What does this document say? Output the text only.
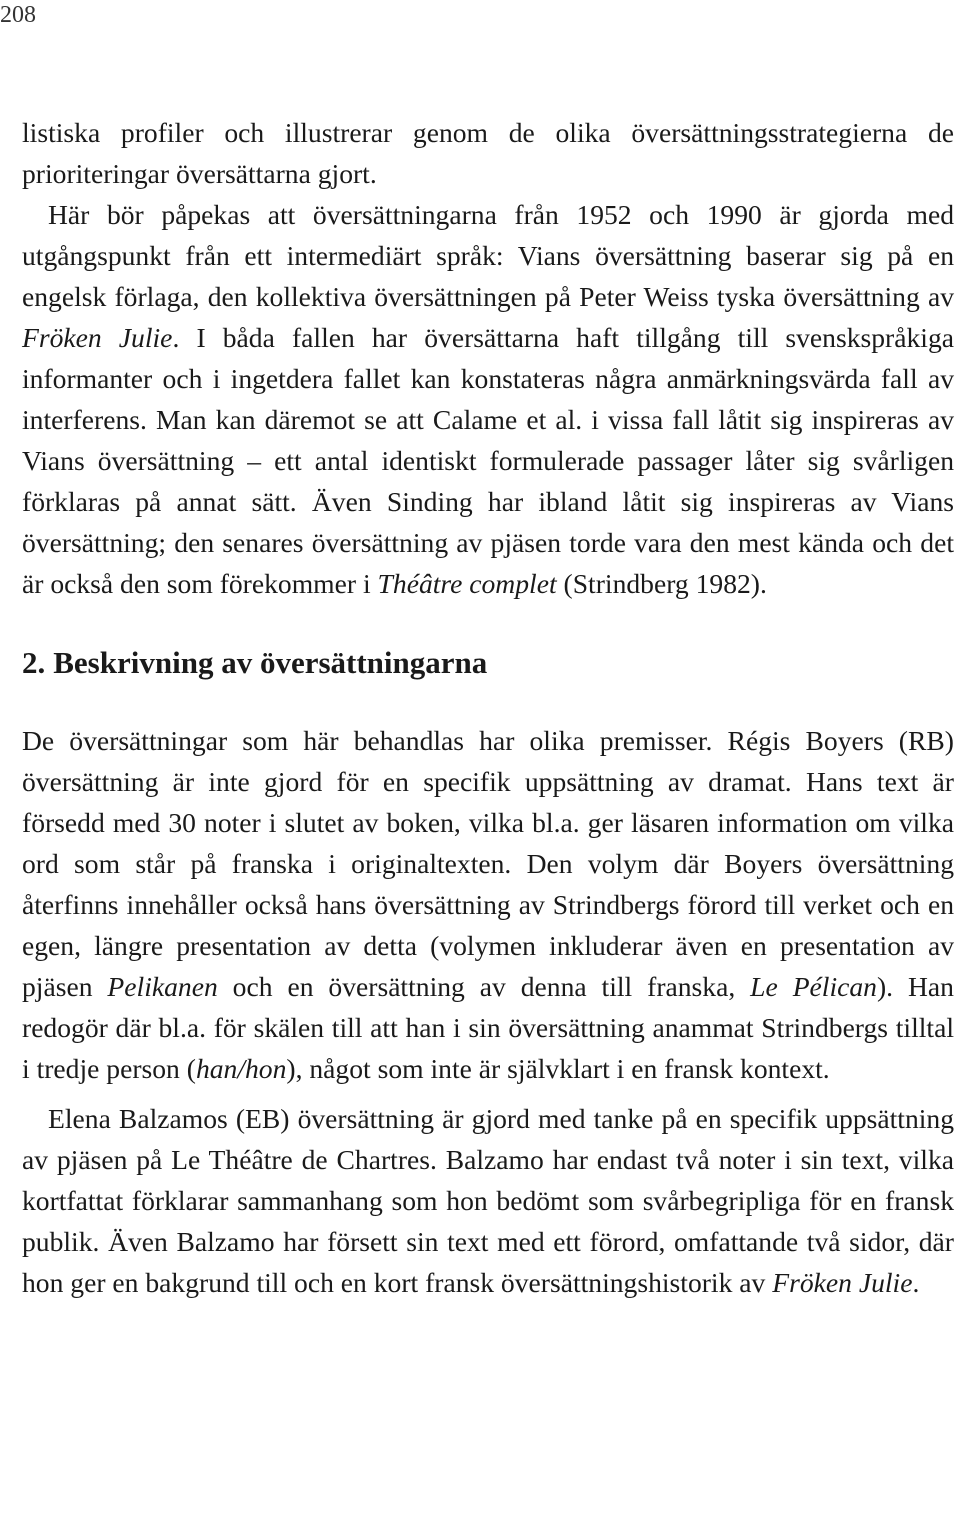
208

listiska profiler och illustrerar genom de olika översättningsstrategierna de prioriteringar översättarna gjort.

Här bör påpekas att översättningarna från 1952 och 1990 är gjorda med utgångspunkt från ett intermediärt språk: Vians översättning baserar sig på en engelsk förlaga, den kollektiva översättningen på Peter Weiss tyska översättning av Fröken Julie. I båda fallen har översättarna haft tillgång till svenskspråkiga informanter och i ingetdera fallet kan konstateras några anmärkningsvärda fall av interferens. Man kan däremot se att Calame et al. i vissa fall låtit sig inspireras av Vians översättning – ett antal identiskt formulerade passager låter sig svårligen förklaras på annat sätt. Även Sinding har ibland låtit sig inspireras av Vians översättning; den senares översättning av pjäsen torde vara den mest kända och det är också den som förekommer i Théâtre complet (Strindberg 1982).

2. Beskrivning av översättningarna

De översättningar som här behandlas har olika premisser. Régis Boyers (RB) översättning är inte gjord för en specifik uppsättning av dramat. Hans text är försedd med 30 noter i slutet av boken, vilka bl.a. ger läsaren information om vilka ord som står på franska i originaltexten. Den volym där Boyers översättning återfinns innehåller också hans översättning av Strindbergs förord till verket och en egen, längre presentation av detta (volymen inkluderar även en presentation av pjäsen Pelikanen och en översättning av denna till franska, Le Pélican). Han redogör där bl.a. för skälen till att han i sin översättning anammat Strindbergs tilltal i tredje person (han/hon), något som inte är självklart i en fransk kontext.

Elena Balzamos (EB) översättning är gjord med tanke på en specifik uppsättning av pjäsen på Le Théâtre de Chartres. Balzamo har endast två noter i sin text, vilka kortfattat förklarar sammanhang som hon bedömt som svårbegripliga för en fransk publik. Även Balzamo har försett sin text med ett förord, omfattande två sidor, där hon ger en bakgrund till och en kort fransk översättningshistorik av Fröken Julie.
